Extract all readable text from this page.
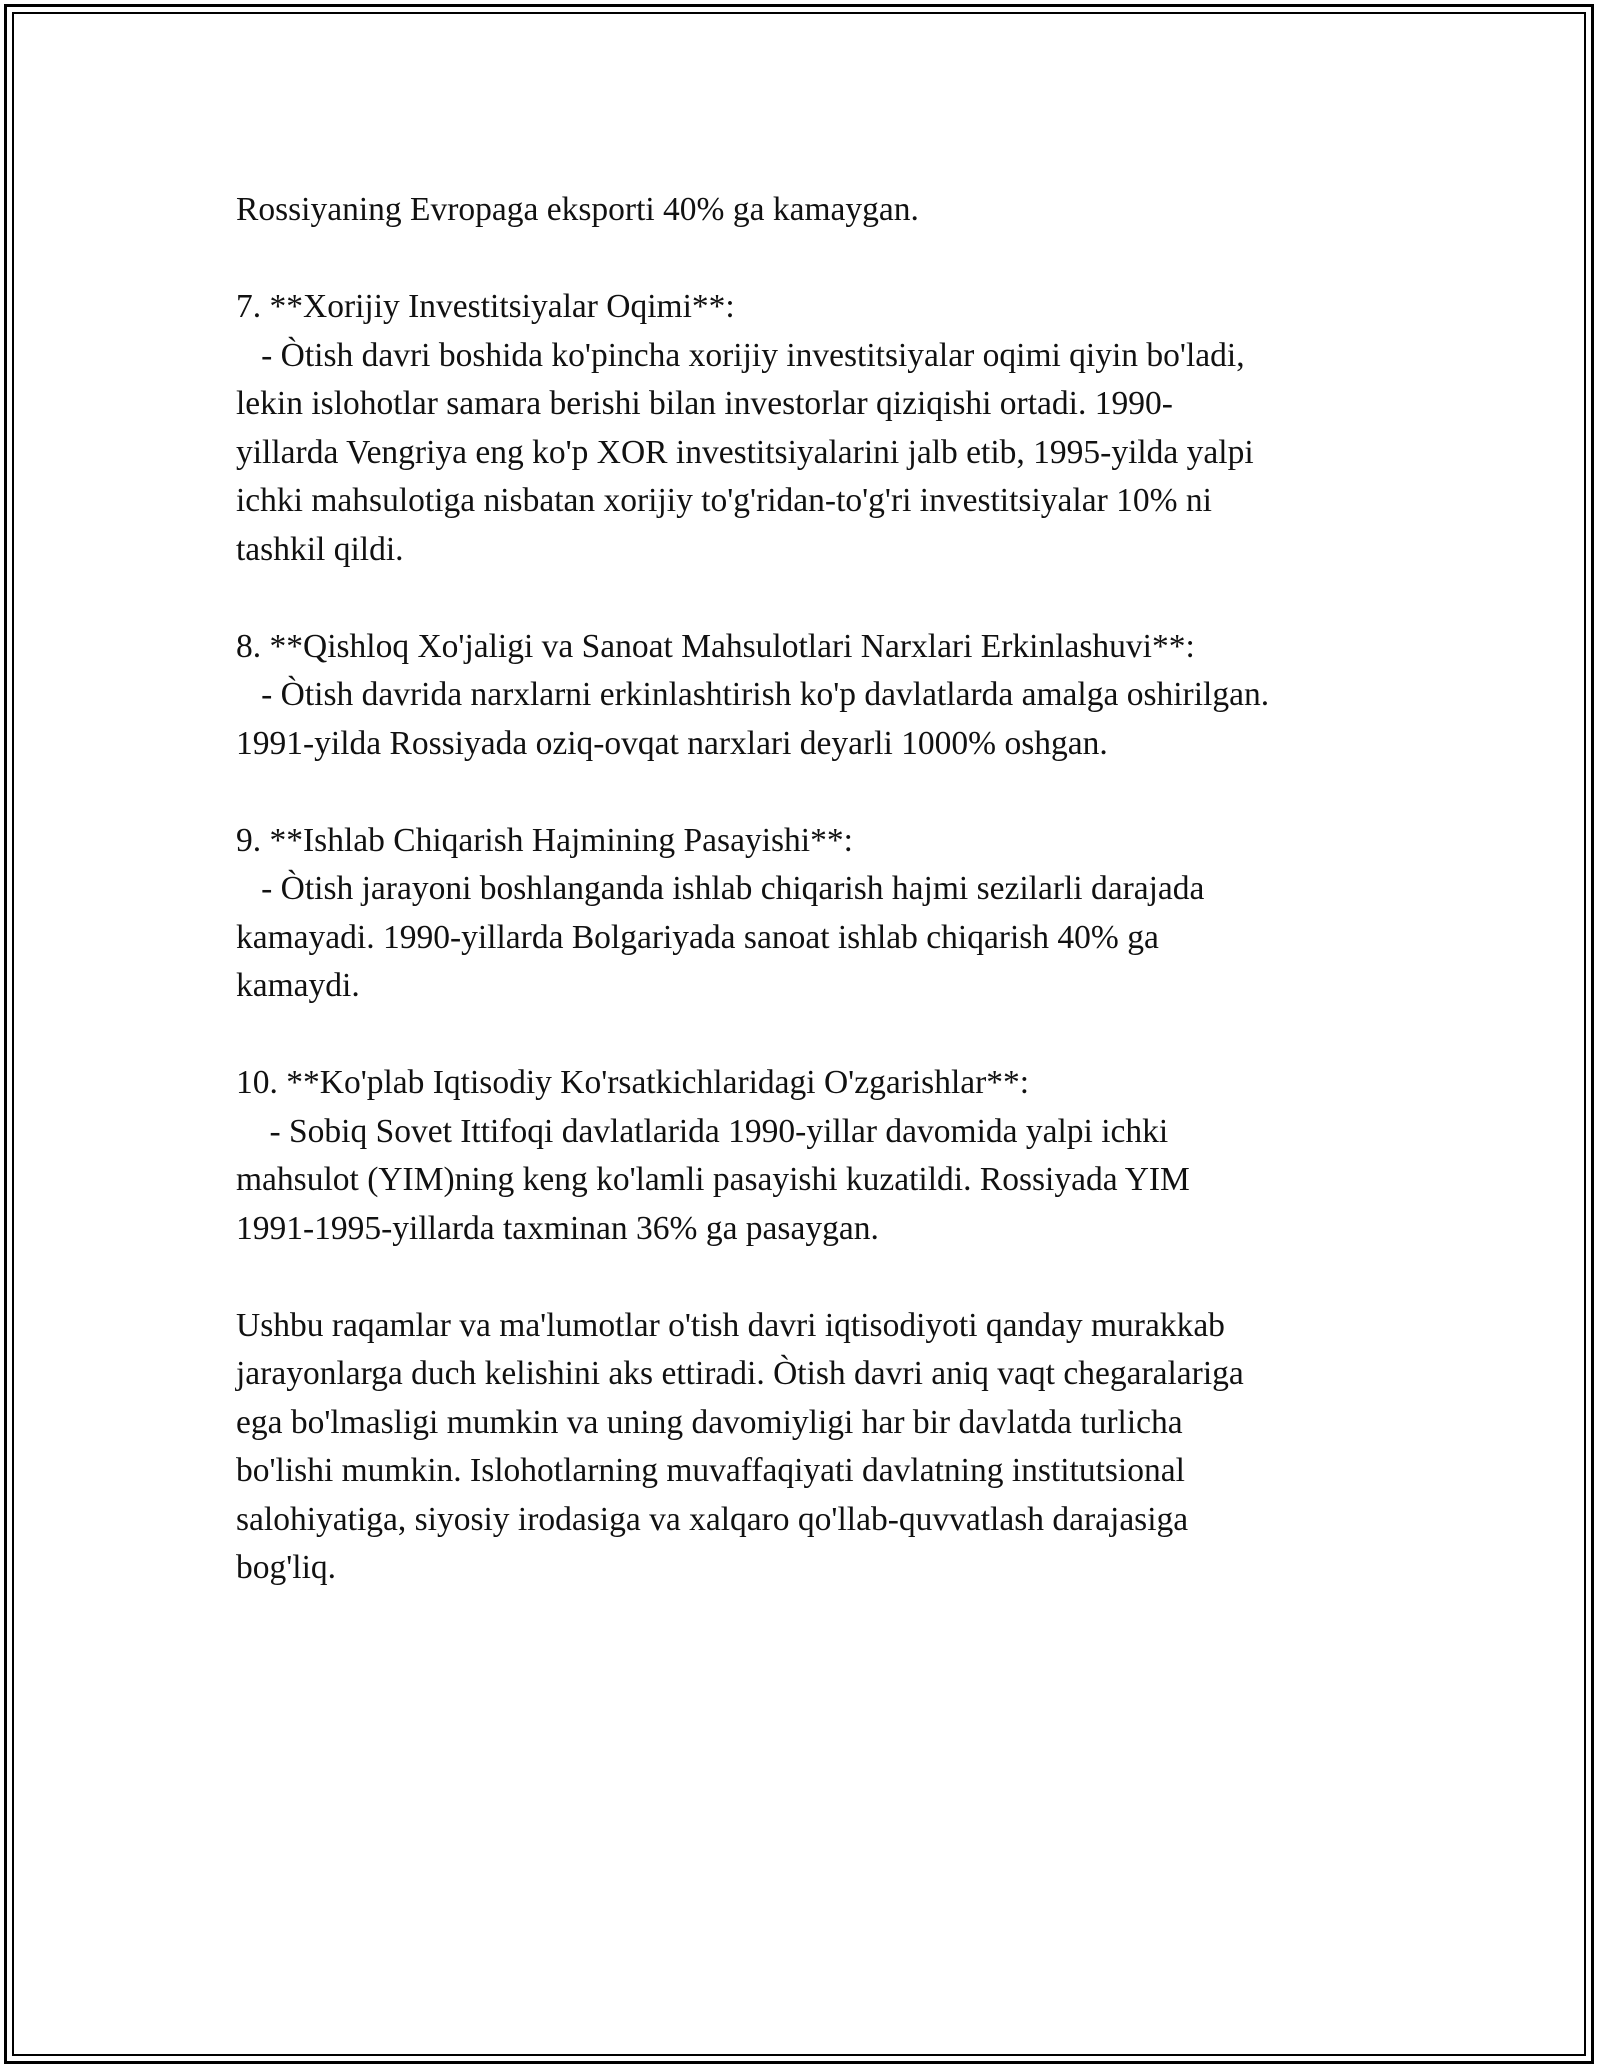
Rossiyaning Evropaga eksporti 40% ga kamaygan.

7. **Xorijiy Investitsiyalar Oqimi**:

- Òtish davri boshida ko'pincha xorijiy investitsiyalar oqimi qiyin bo'ladi,

lekin islohotlar samara berishi bilan investorlar qiziqishi ortadi. 1990-

yillarda Vengriya eng ko'p XOR investitsiyalarini jalb etib, 1995-yilda yalpi

ichki mahsulotiga nisbatan xorijiy to'g'ridan-to'g'ri investitsiyalar 10% ni

tashkil qildi.

8. **Qishloq Xo'jaligi va Sanoat Mahsulotlari Narxlari Erkinlashuvi**:

- Òtish davrida narxlarni erkinlashtirish ko'p davlatlarda amalga oshirilgan.

1991-yilda Rossiyada oziq-ovqat narxlari deyarli 1000% oshgan.

9. **Ishlab Chiqarish Hajmining Pasayishi**:

- Òtish jarayoni boshlanganda ishlab chiqarish hajmi sezilarli darajada

kamayadi. 1990-yillarda Bolgariyada sanoat ishlab chiqarish 40% ga

kamaydi.

10. **Ko'plab Iqtisodiy Ko'rsatkichlaridagi O'zgarishlar**:

- Sobiq Sovet Ittifoqi davlatlarida 1990-yillar davomida yalpi ichki

mahsulot (YIM)ning keng ko'lamli pasayishi kuzatildi. Rossiyada YIM

1991-1995-yillarda taxminan 36% ga pasaygan.

Ushbu raqamlar va ma'lumotlar o'tish davri iqtisodiyoti qanday murakkab

jarayonlarga duch kelishini aks ettiradi. Òtish davri aniq vaqt chegaralariga

ega bo'lmasligi mumkin va uning davomiyligi har bir davlatda turlicha

bo'lishi mumkin. Islohotlarning muvaffaqiyati davlatning institutsional

salohiyatiga, siyosiy irodasiga va xalqaro qo'llab-quvvatlash darajasiga

bog'liq.
